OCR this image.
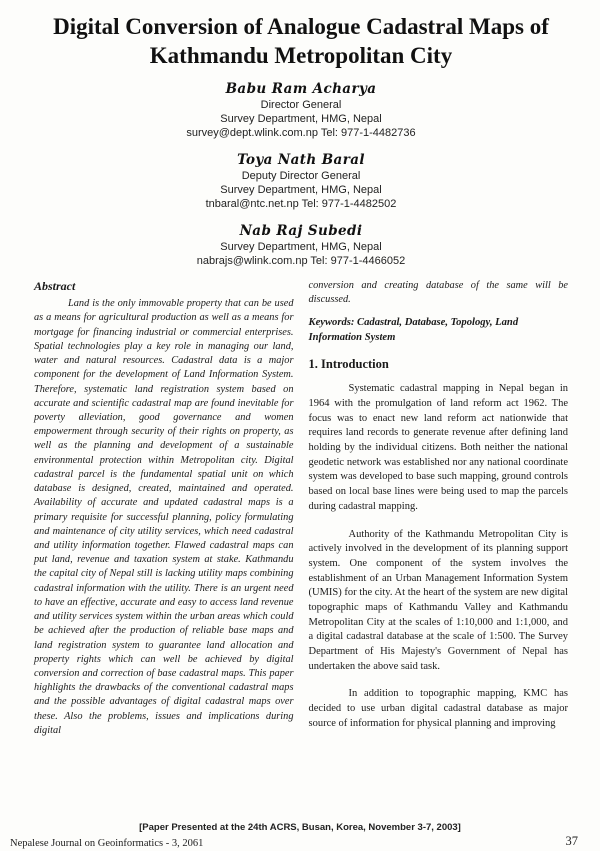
Digital Conversion of Analogue Cadastral Maps of Kathmandu Metropolitan City
Babu Ram Acharya
Director General
Survey Department, HMG, Nepal
survey@dept.wlink.com.np Tel: 977-1-4482736
Toya Nath Baral
Deputy Director General
Survey Department, HMG, Nepal
tnbaral@ntc.net.np Tel: 977-1-4482502
Nab Raj Subedi
Survey Department, HMG, Nepal
nabrajs@wlink.com.np Tel: 977-1-4466052
Abstract
Land is the only immovable property that can be used as a means for agricultural production as well as a means for mortgage for financing industrial or commercial enterprises. Spatial technologies play a key role in managing our land, water and natural resources. Cadastral data is a major component for the development of Land Information System. Therefore, systematic land registration system based on accurate and scientific cadastral map are found inevitable for poverty alleviation, good governance and women empowerment through security of their rights on property, as well as the planning and development of a sustainable environmental protection within Metropolitan city. Digital cadastral parcel is the fundamental spatial unit on which database is designed, created, maintained and operated. Availability of accurate and updated cadastral maps is a primary requisite for successful planning, policy formulating and maintenance of city utility services, which need cadastral and utility information together. Flawed cadastral maps can put land, revenue and taxation system at stake. Kathmandu the capital city of Nepal still is lacking utility maps combining cadastral information with the utility. There is an urgent need to have an effective, accurate and easy to access land revenue and utility services system within the urban areas which could be achieved after the production of reliable base maps and land registration system to guarantee land allocation and property rights which can well be achieved by digital conversion and correction of base cadastral maps. This paper highlights the drawbacks of the conventional cadastral maps and the possible advantages of digital cadastral maps over these. Also the problems, issues and implications during digital
conversion and creating database of the same will be discussed.
Keywords: Cadastral, Database, Topology, Land Information System
1. Introduction
Systematic cadastral mapping in Nepal began in 1964 with the promulgation of land reform act 1962. The focus was to enact new land reform act nationwide that requires land records to generate revenue after defining land holding by the individual citizens. Both neither the national geodetic network was established nor any national coordinate system was developed to base such mapping, ground controls based on local base lines were being used to map the parcels during cadastral mapping.
Authority of the Kathmandu Metropolitan City is actively involved in the development of its planning support system. One component of the system involves the establishment of an Urban Management Information System (UMIS) for the city. At the heart of the system are new digital topographic maps of Kathmandu Valley and Kathmandu Metropolitan City at the scales of 1:10,000 and 1:1,000, and a digital cadastral database at the scale of 1:500. The Survey Department of His Majesty's Government of Nepal has undertaken the above said task.
In addition to topographic mapping, KMC has decided to use urban digital cadastral database as major source of information for physical planning and improving
[Paper Presented at the 24th ACRS, Busan, Korea, November 3-7, 2003]
Nepalese Journal on Geoinformatics - 3, 2061	37
